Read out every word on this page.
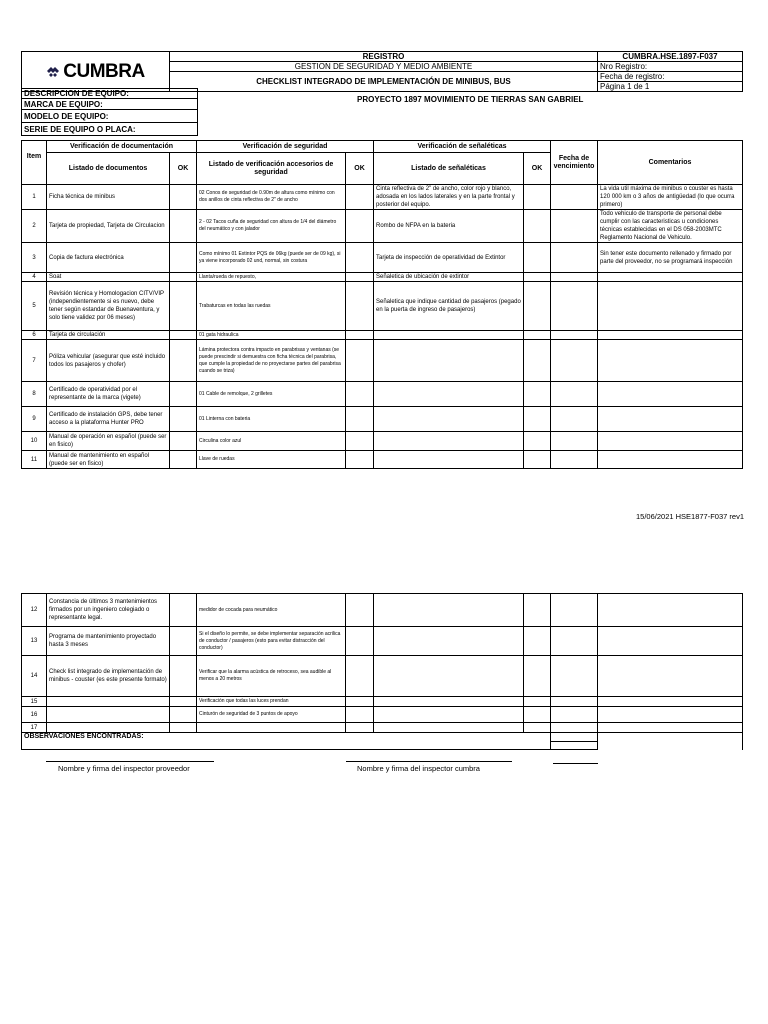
CUMBRA	REGISTRO	CUMBRA.HSE.1897-F037
	GESTION DE SEGURIDAD Y MEDIO AMBIENTE	Nro Registro:
	CHECKLIST INTEGRADO DE IMPLEMENTACIÓN DE MINIBUS, BUS	Fecha de registro:
		Página 1 de 1
DESCRIPCION DE EQUIPO:	PROYECTO 1897 MOVIMIENTO DE TIERRAS SAN GABRIEL
MARCA DE EQUIPO:
MODELO DE EQUIPO:
SERIE DE EQUIPO O PLACA:
	Verificación de documentación		Verificación de seguridad		Verificación de señaléticas		Fecha de vencimiento	Comentarios
Item	Listado de documentos	OK	Listado de verificación accesorios de seguridad	OK	Listado de señaléticas	OK		
1	Ficha técnica de minibus		02 Conos de seguridad de 0.90m de altura como mínimo con dos anillos de cinta reflectiva de 2" de ancho		Cinta reflectiva de 2" de ancho, color rojo y blanco, adosada en los lados laterales y en la parte frontal y posterior del equipo.			La vida util máxima de minibus o couster es hasta 120 000 km o 3 años de antigüedad (lo que ocurra primero)
2	Tarjeta de propiedad, Tarjeta de Circulacion		2 - 02 Tacos cuña de seguridad con altura de 1/4 del diámetro del neumático y con jalador		Rombo de NFPA en la bateria			Todo vehiculo de transporte de personal debe cumplir con las caracteristicas u condiciones técnicas establecidas en el DS 058-2003MTC Reglamento Nacional de Vehiculo.
3	Copia de factura electrónica		Como mínimo 01 Extintor PQS de 06kg (puede ser de 09 kg), si ya viene incorporado 02 und, normal, sin costura		Tarjeta de inspección de operatividad de Extintor			Sin tener este documento rellenado y firmado por parte del proveedor, no se programará inspección
4	Soat		Llanta/rueda de repuesto,		Señaletica de ubicación de extintor			
5	Revisión técnica y Homologacion CITV/VIP (independientemente si es nuevo, debe tener según estandar de Buenaventura, y solo tiene validez por 06 meses)		Trabaturcas en todas las ruedas		Señaletica que indique cantidad de pasajeros (pegado en la puerta de ingreso de pasajeros)			
6	Tarjeta de circulación		01 gata hidraulica					
7	Póliza vehicular (asegurar que esté incluido todos los pasajeros y chofer)		Lámina protectora contra impacto en parabrisas y ventanas (se puede prescindir si demuestra con ficha técnica del parabrisa, que cumple la propiedad de no proyectarse partes del parabrisa cuando se triza)					
8	Certificado de operatividad por el representante de la marca (vigete)		01 Cable de remolque, 2 grilletes					
9	Certificado de instalación GPS, debe tener acceso a la plataforma Hunter PRO		01 Linterna con bateria					
10	Manual de operación en español (puede ser en fisico)		Circulina color azul					
11	Manual de mantenimiento en español (puede ser en fisico)		Llave de ruedas					
15/06/2021 HSE1877-F037 rev1
12	Constancia de últimos 3 mantenimientos firmados por un ingeniero colegiado o representante legal.		medidor de cocada para neumático					
13	Programa de mantenimiento proyectado hasta 3 meses		Si el diseño lo permite, se debe implementar separación acrilica de conductor / pasajeros (esto para evitar distracción del conductor)					
14	Check list integrado de implementación de minibus - couster (es este presente formato)		Verificar que la alarma acústica de retroceso, sea audible al menos a 20 metros					
15			Verificación que todas las luces prendan					
16			Cinturón de seguridad de 3 puntos de apoyo					
17								
OBSERVACIONES ENCONTRADAS:								

Nombre y firma del inspector proveedor	Nombre y firma del inspector cumbra
